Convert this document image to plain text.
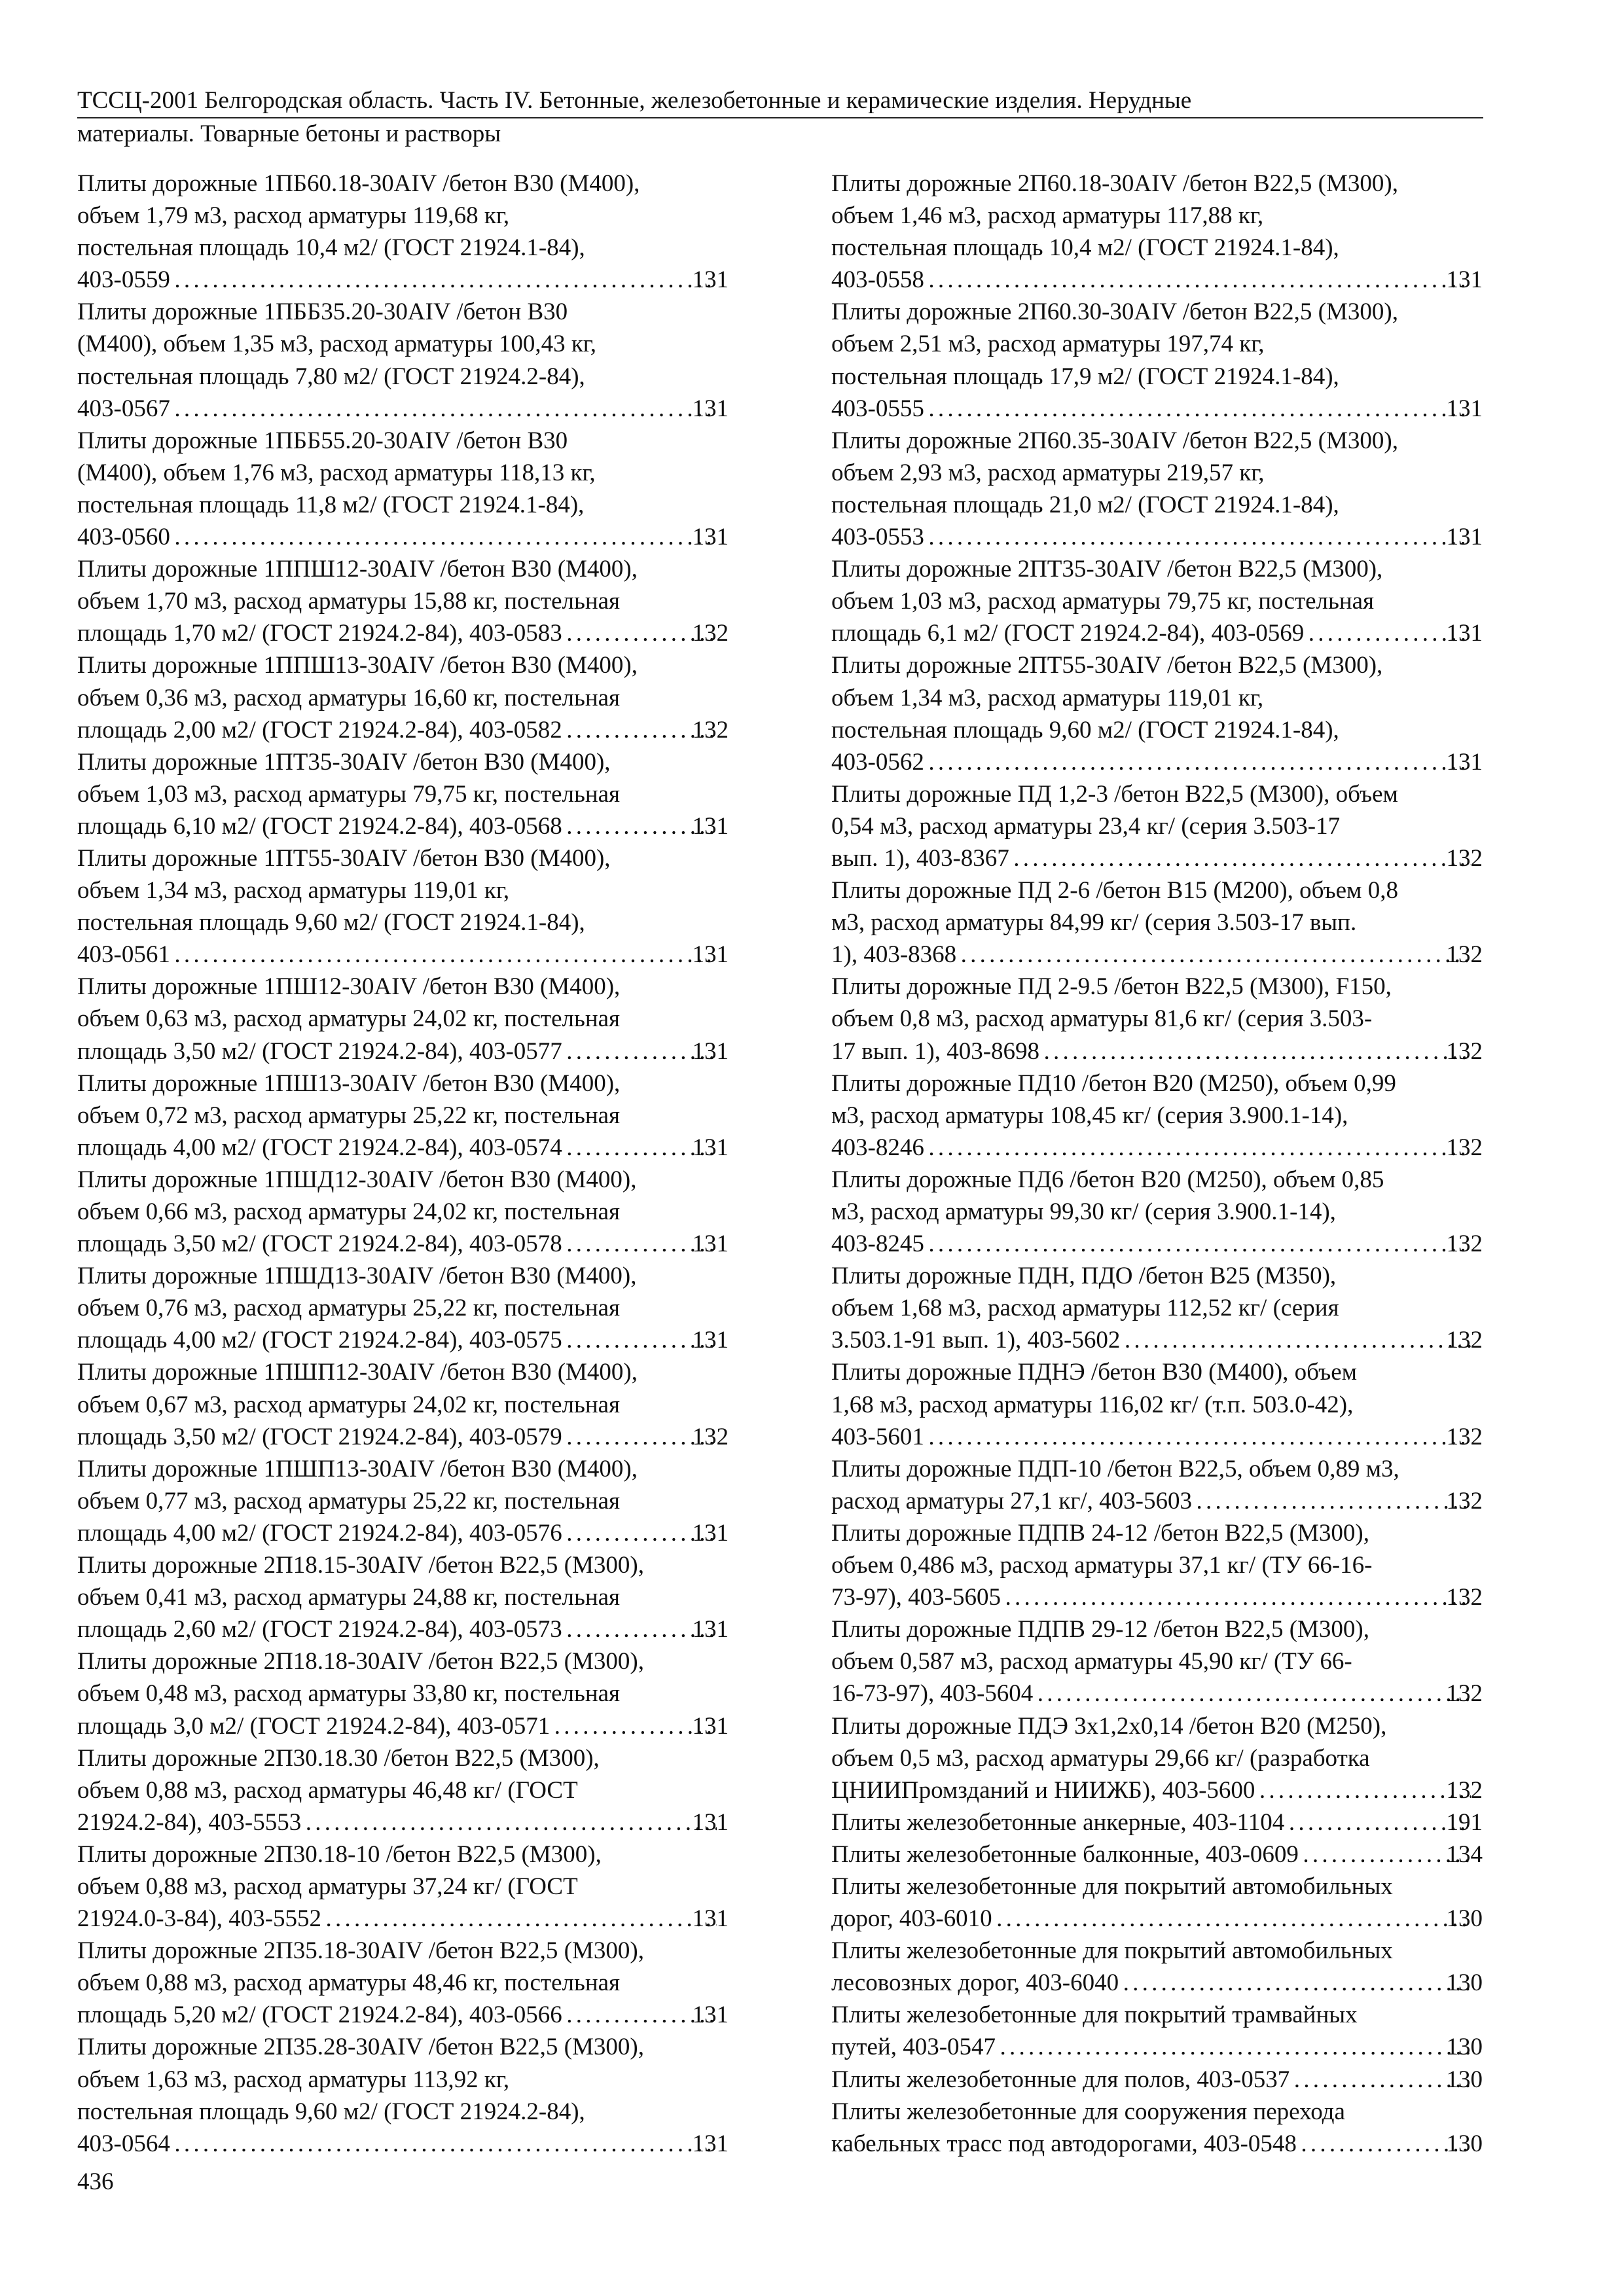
ТССЦ-2001 Белгородская область. Часть IV. Бетонные, железобетонные и керамические изделия. Нерудные
материалы. Товарные бетоны и растворы
Плиты дорожные 1ПБ60.18-30AIV /бетон В30 (М400),
объем 1,79 м3, расход арматуры 119,68 кг,
постельная площадь 10,4 м2/ (ГОСТ 21924.1-84),
403-0559 . . .	131
Плиты дорожные 1ПББ35.20-30AIV /бетон В30
(М400), объем 1,35 м3, расход арматуры 100,43 кг,
постельная площадь 7,80 м2/ (ГОСТ 21924.2-84),
403-0567 . . .	131
Плиты дорожные 1ПББ55.20-30AIV /бетон В30
(М400), объем 1,76 м3, расход арматуры 118,13 кг,
постельная площадь 11,8 м2/ (ГОСТ 21924.1-84),
403-0560 . . .	131
Плиты дорожные 1ППШ12-30AIV /бетон В30 (М400),
объем 1,70 м3, расход арматуры 15,88 кг, постельная
площадь 1,70 м2/ (ГОСТ 21924.2-84), 403-0583 . . .	132
Плиты дорожные 1ППШ13-30AIV /бетон В30 (М400),
объем 0,36 м3, расход арматуры 16,60 кг, постельная
площадь 2,00 м2/ (ГОСТ 21924.2-84), 403-0582 . . .	132
Плиты дорожные 1ПТ35-30AIV /бетон В30 (М400),
объем 1,03 м3, расход арматуры 79,75 кг, постельная
площадь 6,10 м2/ (ГОСТ 21924.2-84), 403-0568 . . .	131
Плиты дорожные 1ПТ55-30AIV /бетон В30 (М400),
объем 1,34 м3, расход арматуры 119,01 кг,
постельная площадь 9,60 м2/ (ГОСТ 21924.1-84),
403-0561 . . .	131
Плиты дорожные 1ПШ12-30AIV /бетон В30 (М400),
объем 0,63 м3, расход арматуры 24,02 кг, постельная
площадь 3,50 м2/ (ГОСТ 21924.2-84), 403-0577 . . .	131
Плиты дорожные 1ПШ13-30AIV /бетон В30 (М400),
объем 0,72 м3, расход арматуры 25,22 кг, постельная
площадь 4,00 м2/ (ГОСТ 21924.2-84), 403-0574 . . .	131
Плиты дорожные 1ПШД12-30AIV /бетон В30 (М400),
объем 0,66 м3, расход арматуры 24,02 кг, постельная
площадь 3,50 м2/ (ГОСТ 21924.2-84), 403-0578 . . .	131
Плиты дорожные 1ПШД13-30AIV /бетон В30 (М400),
объем 0,76 м3, расход арматуры 25,22 кг, постельная
площадь 4,00 м2/ (ГОСТ 21924.2-84), 403-0575 . . .	131
Плиты дорожные 1ПШП12-30AIV /бетон В30 (М400),
объем 0,67 м3, расход арматуры 24,02 кг, постельная
площадь 3,50 м2/ (ГОСТ 21924.2-84), 403-0579 . . .	132
Плиты дорожные 1ПШП13-30AIV /бетон В30 (М400),
объем 0,77 м3, расход арматуры 25,22 кг, постельная
площадь 4,00 м2/ (ГОСТ 21924.2-84), 403-0576 . . .	131
Плиты дорожные 2П18.15-30AIV /бетон В22,5 (М300),
объем 0,41 м3, расход арматуры 24,88 кг, постельная
площадь 2,60 м2/ (ГОСТ 21924.2-84), 403-0573 . . .	131
Плиты дорожные 2П18.18-30AIV /бетон В22,5 (М300),
объем 0,48 м3, расход арматуры 33,80 кг, постельная
площадь 3,0 м2/ (ГОСТ 21924.2-84), 403-0571 . . .	131
Плиты дорожные 2П30.18.30 /бетон В22,5 (М300),
объем 0,88 м3, расход арматуры 46,48 кг/ (ГОСТ
21924.2-84), 403-5553 . . .	131
Плиты дорожные 2П30.18-10 /бетон В22,5 (М300),
объем 0,88 м3, расход арматуры 37,24 кг/ (ГОСТ
21924.0-3-84), 403-5552 . . .	131
Плиты дорожные 2П35.18-30AIV /бетон В22,5 (М300),
объем 0,88 м3, расход арматуры 48,46 кг, постельная
площадь 5,20 м2/ (ГОСТ 21924.2-84), 403-0566 . . .	131
Плиты дорожные 2П35.28-30AIV /бетон В22,5 (М300),
объем 1,63 м3, расход арматуры 113,92 кг,
постельная площадь 9,60 м2/ (ГОСТ 21924.2-84),
403-0564 . . .	131
Плиты дорожные 2П60.18-30AIV /бетон В22,5 (М300),
объем 1,46 м3, расход арматуры 117,88 кг,
постельная площадь 10,4 м2/ (ГОСТ 21924.1-84),
403-0558 . . .	131
Плиты дорожные 2П60.30-30AIV /бетон В22,5 (М300),
объем 2,51 м3, расход арматуры 197,74 кг,
постельная площадь 17,9 м2/ (ГОСТ 21924.1-84),
403-0555 . . .	131
Плиты дорожные 2П60.35-30AIV /бетон В22,5 (М300),
объем 2,93 м3, расход арматуры 219,57 кг,
постельная площадь 21,0 м2/ (ГОСТ 21924.1-84),
403-0553 . . .	131
Плиты дорожные 2ПТ35-30AIV /бетон В22,5 (М300),
объем 1,03 м3, расход арматуры 79,75 кг, постельная
площадь 6,1 м2/ (ГОСТ 21924.2-84), 403-0569 . . .	131
Плиты дорожные 2ПТ55-30AIV /бетон В22,5 (М300),
объем 1,34 м3, расход арматуры 119,01 кг,
постельная площадь 9,60 м2/ (ГОСТ 21924.1-84),
403-0562 . . .	131
Плиты дорожные ПД 1,2-3 /бетон В22,5 (М300), объем
0,54 м3, расход арматуры 23,4 кг/ (серия 3.503-17
вып. 1), 403-8367 . . .	132
Плиты дорожные ПД 2-6 /бетон В15 (М200), объем 0,8
м3, расход арматуры 84,99 кг/ (серия 3.503-17 вып.
1), 403-8368 . . .	132
Плиты дорожные ПД 2-9.5 /бетон В22,5 (М300), F150,
объем 0,8 м3, расход арматуры 81,6 кг/ (серия 3.503-
17 вып. 1), 403-8698 . . .	132
Плиты дорожные ПД10 /бетон В20 (М250), объем 0,99
м3, расход арматуры 108,45 кг/ (серия 3.900.1-14),
403-8246 . . .	132
Плиты дорожные ПД6 /бетон В20 (М250), объем 0,85
м3, расход арматуры 99,30 кг/ (серия 3.900.1-14),
403-8245 . . .	132
Плиты дорожные ПДН, ПДО /бетон В25 (М350),
объем 1,68 м3, расход арматуры 112,52 кг/ (серия
3.503.1-91 вып. 1), 403-5602 . . .	132
Плиты дорожные ПДНЭ /бетон В30 (М400), объем
1,68 м3, расход арматуры 116,02 кг/ (т.п. 503.0-42),
403-5601 . . .	132
Плиты дорожные ПДП-10 /бетон В22,5, объем 0,89 м3,
расход арматуры 27,1 кг/, 403-5603 . . .	132
Плиты дорожные ПДПВ 24-12 /бетон В22,5 (М300),
объем 0,486 м3, расход арматуры 37,1 кг/ (ТУ 66-16-
73-97), 403-5605 . . .	132
Плиты дорожные ПДПВ 29-12 /бетон В22,5 (М300),
объем 0,587 м3, расход арматуры 45,90 кг/ (ТУ 66-
16-73-97), 403-5604 . . .	132
Плиты дорожные ПДЭ 3х1,2х0,14 /бетон В20 (М250),
объем 0,5 м3, расход арматуры 29,66 кг/ (разработка
ЦНИИПромзданий и НИИЖБ), 403-5600 . . .	132
Плиты железобетонные анкерные, 403-1104 . . .	191
Плиты железобетонные балконные, 403-0609 . . .	134
Плиты железобетонные для покрытий автомобильных
дорог, 403-6010 . . .	130
Плиты железобетонные для покрытий автомобильных
лесовозных дорог, 403-6040 . . .	130
Плиты железобетонные для покрытий трамвайных
путей, 403-0547 . . .	130
Плиты железобетонные для полов, 403-0537 . . .	130
Плиты железобетонные для сооружения перехода
кабельных трасс под автодорогами, 403-0548 . . .	130
436
